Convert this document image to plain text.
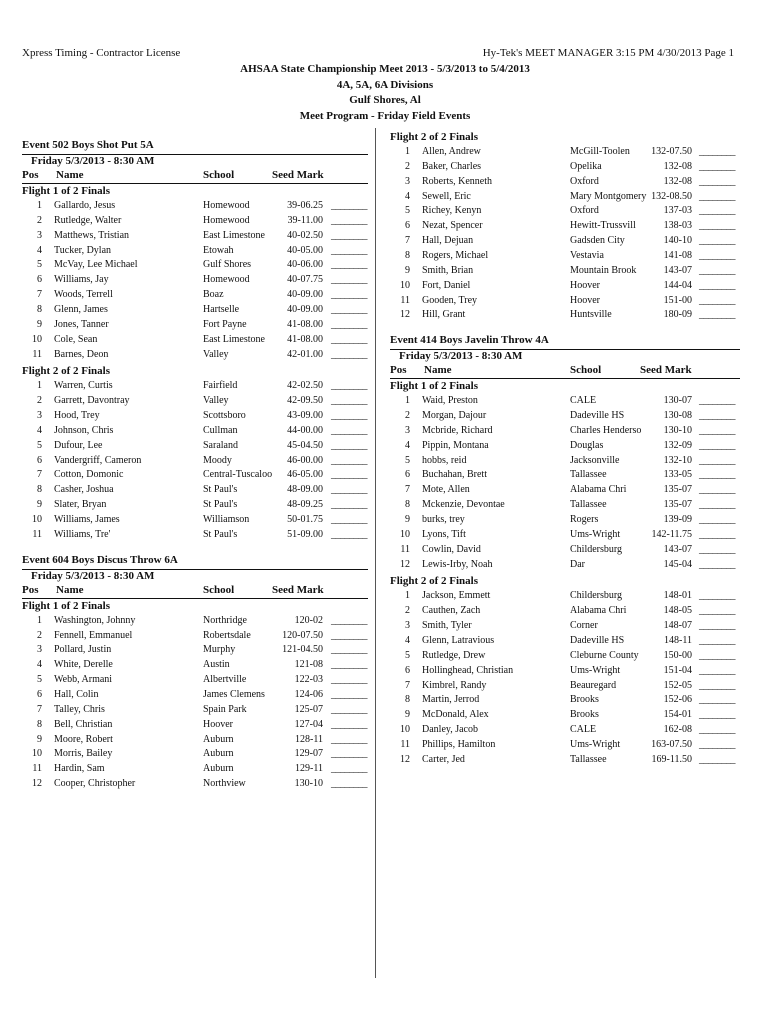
Xpress Timing - Contractor License	Hy-Tek's MEET MANAGER 3:15 PM 4/30/2013 Page 1
AHSAA State Championship Meet 2013 - 5/3/2013 to 5/4/2013
4A, 5A, 6A Divisions
Gulf Shores, Al
Meet Program - Friday Field Events
Event 502 Boys Shot Put 5A
Friday 5/3/2013 - 8:30 AM
Pos Name	School	Seed Mark
Flight 1 of 2 Finals
1 Gallardo, Jesus	Homewood	39-06.25 ________
2 Rutledge, Walter	Homewood	39-11.00 ________
3 Matthews, Tristian	East Limestone 40-02.50 ________
4 Tucker, Dylan	Etowah	40-05.00 ________
5 McVay, Lee Michael	Gulf Shores	40-06.00 ________
6 Williams, Jay	Homewood	40-07.75 ________
7 Woods, Terrell	Boaz	40-09.00 ________
8 Glenn, James	Hartselle	40-09.00 ________
9 Jones, Tanner	Fort Payne	41-08.00 ________
10 Cole, Sean	East Limestone 41-08.00 ________
11 Barnes, Deon	Valley	42-01.00 ________
Flight 2 of 2 Finals
1 Warren, Curtis	Fairfield	42-02.50 ________
2 Garrett, Davontray	Valley	42-09.50 ________
3 Hood, Trey	Scottsboro	43-09.00 ________
4 Johnson, Chris	Cullman	44-00.00 ________
5 Dufour, Lee	Saraland	45-04.50 ________
6 Vandergriff, Cameron	Moody	46-00.00 ________
7 Cotton, Domonic	Central-Tuscaloo 46-05.00 ________
8 Casher, Joshua	St Paul's	48-09.00 ________
9 Slater, Bryan	St Paul's	48-09.25 ________
10 Williams, James	Williamson	50-01.75 ________
11 Williams, Tre'	St Paul's	51-09.00 ________
Event 604 Boys Discus Throw 6A
Friday 5/3/2013 - 8:30 AM
Pos Name	School	Seed Mark
Flight 1 of 2 Finals
1 Washington, Johnny	Northridge	120-02 ________
2 Fennell, Emmanuel	Robertsdale	120-07.50 ________
3 Pollard, Justin	Murphy	121-04.50 ________
4 White, Derelle	Austin	121-08 ________
5 Webb, Armani	Albertville	122-03 ________
6 Hall, Colin	James Clemens	124-06 ________
7 Talley, Chris	Spain Park	125-07 ________
8 Bell, Christian	Hoover	127-04 ________
9 Moore, Robert	Auburn	128-11 ________
10 Morris, Bailey	Auburn	129-07 ________
11 Hardin, Sam	Auburn	129-11 ________
12 Cooper, Christopher	Northview	130-10 ________
Flight 2 of 2 Finals
1 Allen, Andrew	McGill-Toolen 132-07.50 ________
2 Baker, Charles	Opelika	132-08 ________
3 Roberts, Kenneth	Oxford	132-08 ________
4 Sewell, Eric	Mary Montgomery 132-08.50 ________
5 Richey, Kenyn	Oxford	137-03 ________
6 Nezat, Spencer	Hewitt-Trussvill	138-03 ________
7 Hall, Dejuan	Gadsden City	140-10 ________
8 Rogers, Michael	Vestavia	141-08 ________
9 Smith, Brian	Mountain Brook	143-07 ________
10 Fort, Daniel	Hoover	144-04 ________
11 Gooden, Trey	Hoover	151-00 ________
12 Hill, Grant	Huntsville	180-09 ________
Event 414 Boys Javelin Throw 4A
Friday 5/3/2013 - 8:30 AM
Pos Name	School	Seed Mark
Flight 1 of 2 Finals
1 Waid, Preston	CALE	130-07 ________
2 Morgan, Dajour	Dadeville HS	130-08 ________
3 Mcbride, Richard	Charles Henderso 130-10 ________
4 Pippin, Montana	Douglas	132-09 ________
5 hobbs, reid	Jacksonville	132-10 ________
6 Buchahan, Brett	Tallassee	133-05 ________
7 Mote, Allen	Alabama Chri	135-07 ________
8 Mckenzie, Devontae	Tallassee	135-07 ________
9 burks, trey	Rogers	139-09 ________
10 Lyons, Tift	Ums-Wright	142-11.75 ________
11 Cowlin, David	Childersburg	143-07 ________
12 Lewis-Irby, Noah	Dar	145-04 ________
Flight 2 of 2 Finals
1 Jackson, Emmett	Childersburg	148-01 ________
2 Cauthen, Zach	Alabama Chri	148-05 ________
3 Smith, Tyler	Corner	148-07 ________
4 Glenn, Latravious	Dadeville HS	148-11 ________
5 Rutledge, Drew	Cleburne County	150-00 ________
6 Hollinghead, Christian	Ums-Wright	151-04 ________
7 Kimbrel, Randy	Beauregard	152-05 ________
8 Martin, Jerrod	Brooks	152-06 ________
9 McDonald, Alex	Brooks	154-01 ________
10 Danley, Jacob	CALE	162-08 ________
11 Phillips, Hamilton	Ums-Wright	163-07.50 ________
12 Carter, Jed	Tallassee	169-11.50 ________
